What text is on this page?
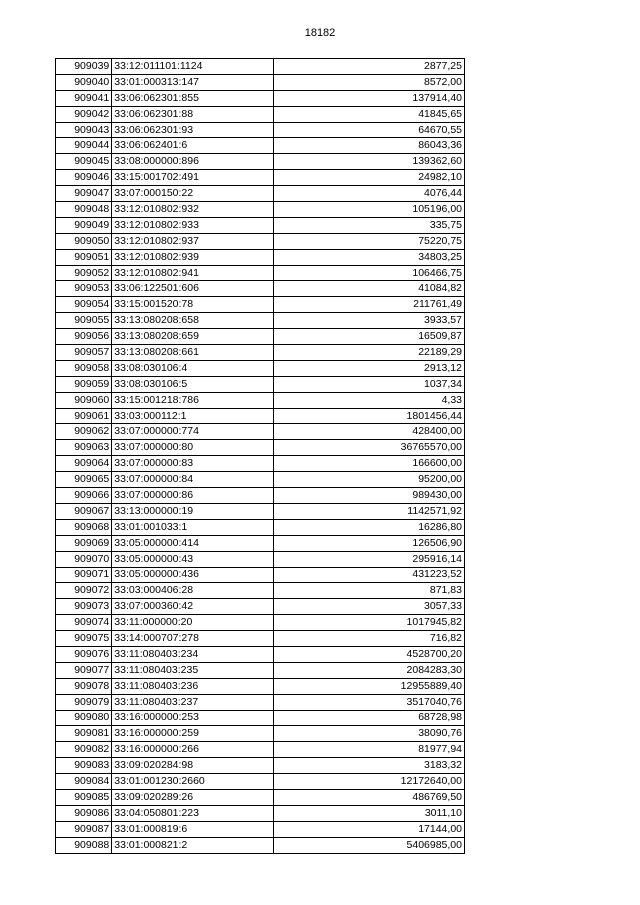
18182
909039	33:12:011101:1124	2877,25
909040	33:01:000313:147	8572,00
909041	33:06:062301:855	137914,40
909042	33:06:062301:88	41845,65
909043	33:06:062301:93	64670,55
909044	33:06:062401:6	86043,36
909045	33:08:000000:896	139362,60
909046	33:15:001702:491	24982,10
909047	33:07:000150:22	4076,44
909048	33:12:010802:932	105196,00
909049	33:12:010802:933	335,75
909050	33:12:010802:937	75220,75
909051	33:12:010802:939	34803,25
909052	33:12:010802:941	106466,75
909053	33:06:122501:606	41084,82
909054	33:15:001520:78	211761,49
909055	33:13:080208:658	3933,57
909056	33:13:080208:659	16509,87
909057	33:13:080208:661	22189,29
909058	33:08:030106:4	2913,12
909059	33:08:030106:5	1037,34
909060	33:15:001218:786	4,33
909061	33:03:000112:1	1801456,44
909062	33:07:000000:774	428400,00
909063	33:07:000000:80	36765570,00
909064	33:07:000000:83	166600,00
909065	33:07:000000:84	95200,00
909066	33:07:000000:86	989430,00
909067	33:13:000000:19	1142571,92
909068	33:01:001033:1	16286,80
909069	33:05:000000:414	126506,90
909070	33:05:000000:43	295916,14
909071	33:05:000000:436	431223,52
909072	33:03:000406:28	871,83
909073	33:07:000360:42	3057,33
909074	33:11:000000:20	1017945,82
909075	33:14:000707:278	716,82
909076	33:11:080403:234	4528700,20
909077	33:11:080403:235	2084283,30
909078	33:11:080403:236	12955889,40
909079	33:11:080403:237	3517040,76
909080	33:16:000000:253	68728,98
909081	33:16:000000:259	38090,76
909082	33:16:000000:266	81977,94
909083	33:09:020284:98	3183,32
909084	33:01:001230:2660	12172640,00
909085	33:09:020289:26	486769,50
909086	33:04:050801:223	3011,10
909087	33:01:000819:6	17144,00
909088	33:01:000821:2	5406985,00
